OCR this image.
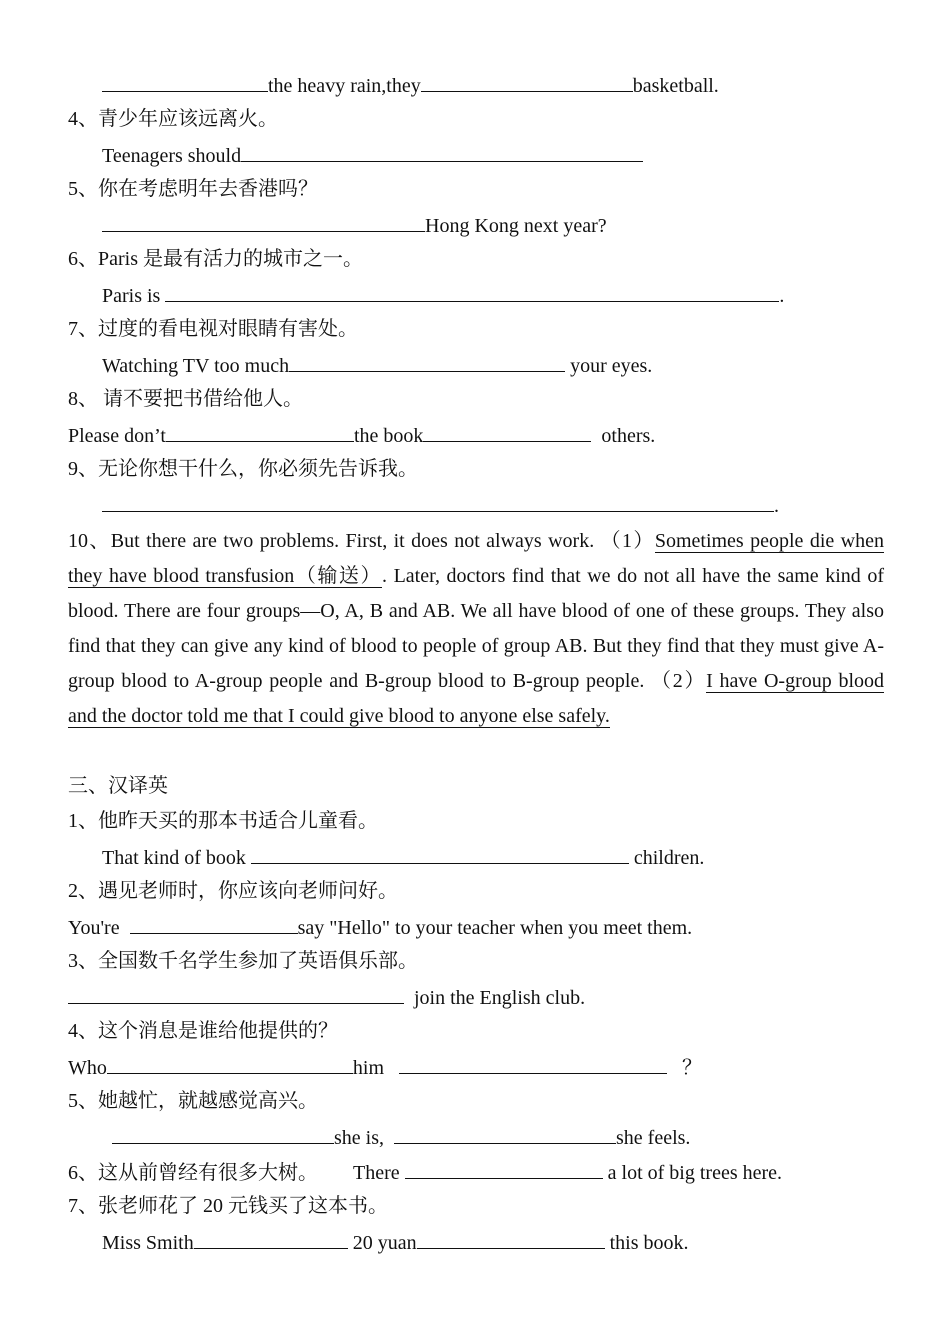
the heavy rain,they	basketball.
4、青少年应该远离火。
Teenagers should
5、你在考虑明年去香港吗？
Hong Kong next year?
6、Paris 是最有活力的城市之一。
Paris is	.
7、过度的看电视对眼睛有害处。
Watching TV too much	your eyes.
8、 请不要把书借给他人。
Please don’t	the book	others.
9、无论你想干什么，你必须先告诉我。
.
10、But there are two problems. First, it does not always work. （1）Sometimes people die when they have blood transfusion（输送）. Later, doctors find that we do not all have the same kind of blood. There are four groups—O, A, B and AB. We all have blood of one of these groups. They also find that they can give any kind of blood to people of group AB. But they find that they must give A-group blood to A-group people and B-group blood to B-group people. （2）I have O-group blood and the doctor told me that I could give blood to anyone else safely.
三、汉译英
1、他昨天买的那本书适合儿童看。
That kind of book	children.
2、遇见老师时，你应该向老师问好。
You're	say "Hello" to your teacher when you meet them.
3、全国数千名学生参加了英语俱乐部。
join the English club.
4、这个消息是谁给他提供的？
Who	him	？
5、她越忙，就越感觉高兴。
she is,	she feels.
6、这从前曾经有很多大树。 There	a lot of big trees here.
7、张老师花了 20 元钱买了这本书。
Miss Smith	20 yuan	this book.
